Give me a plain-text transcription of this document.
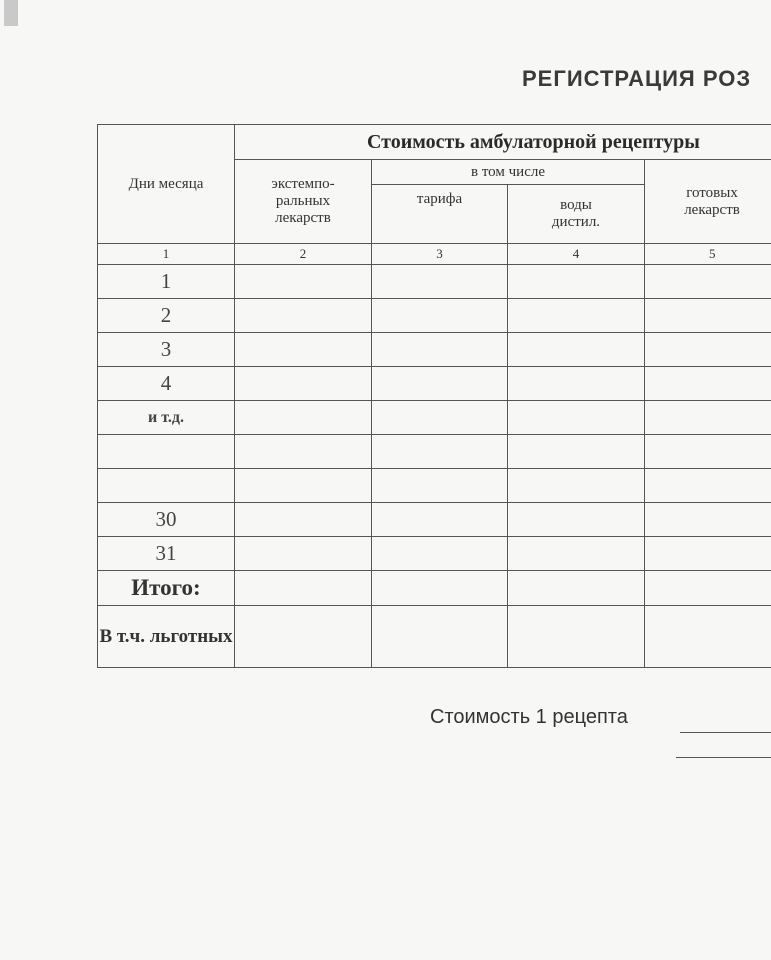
РЕГИСТРАЦИЯ РОЗ
Дни месяца	Стоимость амбулаторной рецептуры			
	экстемпо-ральных лекарств	в том числе		готовых лекарств
		тарифа	воды дистил.	
1	2	3	4	5
1				
2				
3				
4				
и т.д.				

30				
31				
Итого:				
В т.ч. льготных				
Стоимость 1 рецепта
